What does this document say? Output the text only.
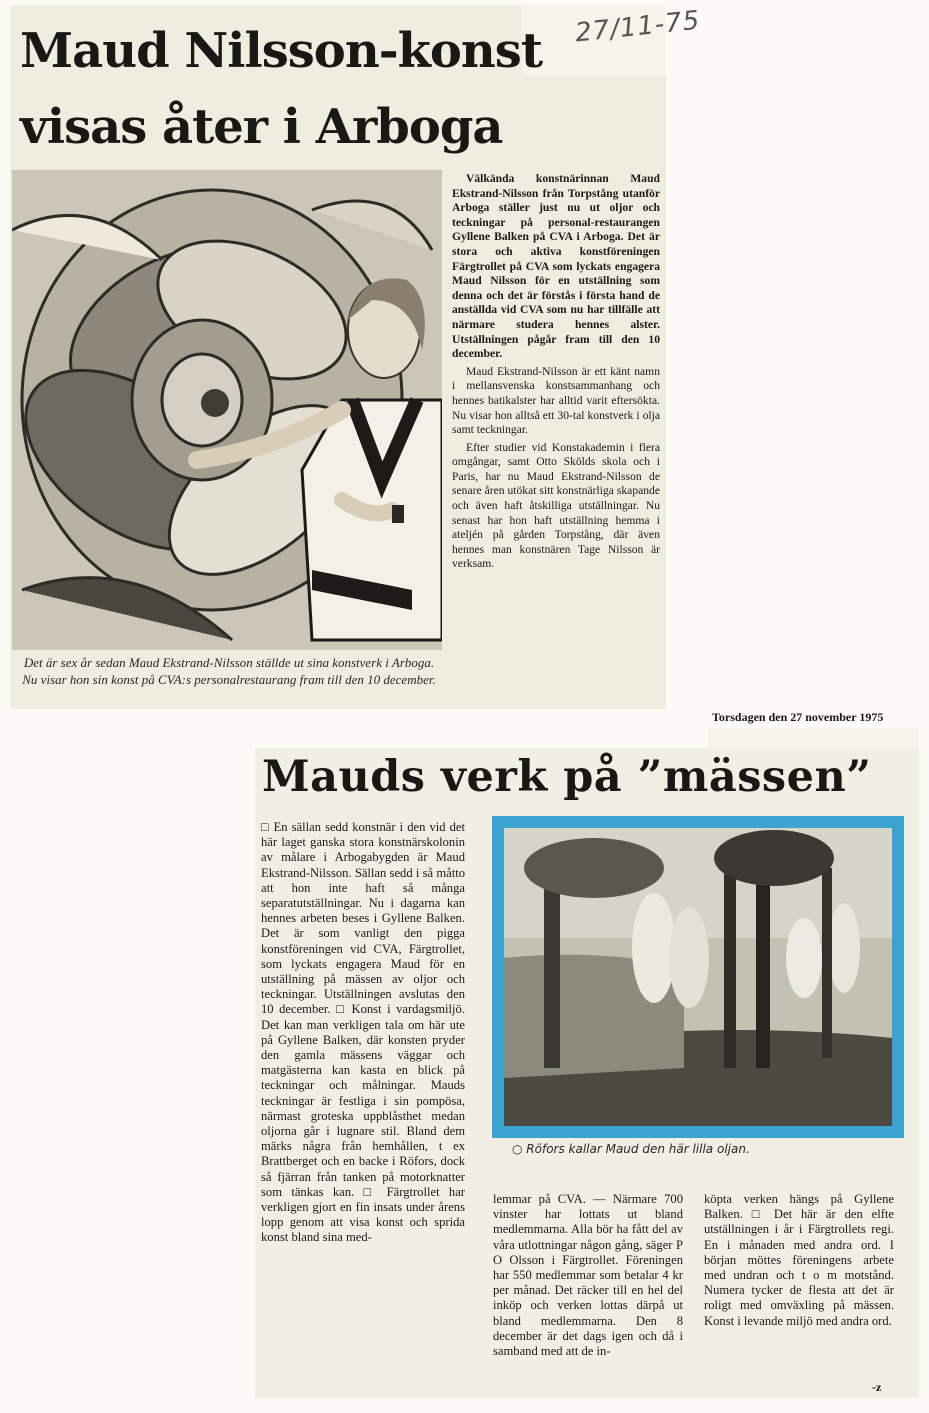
27/11-75
Maud Nilsson-konst
visas åter i Arboga
Det är sex år sedan Maud Ekstrand-Nilsson ställde ut sina konstverk i Arboga. Nu visar hon sin konst på CVA:s personalrestaurang fram till den 10 december.

Välkända konstnärinnan Maud Ekstrand-Nilsson från Torpstång utanför Arboga ställer just nu ut oljor och teckningar på personal-restaurangen Gyllene Balken på CVA i Arboga. Det är stora och aktiva konstföreningen Färgtrollet på CVA som lyckats engagera Maud Nilsson för en utställning som denna och det är förstås i första hand de anställda vid CVA som nu har tillfälle att närmare studera hennes alster. Utställningen pågår fram till den 10 december.

Maud Ekstrand-Nilsson är ett känt namn i mellansvenska konstsammanhang och hennes batikalster har alltid varit eftersökta. Nu visar hon alltså ett 30-tal konstverk i olja samt teckningar.

Efter studier vid Konstakademin i flera omgångar, samt Otto Skölds skola och i Paris, har nu Maud Ekstrand-Nilsson de senare åren utökat sitt konstnärliga skapande och även haft åtskilliga utställningar. Nu senast har hon haft utställning hemma i ateljén på gården Torpstång, där även hennes man konstnären Tage Nilsson är verksam.

Torsdagen den 27 november 1975
Mauds verk på ”mässen”
○ Röfors kallar Maud den här lilla oljan.

□ En sällan sedd konstnär i den vid det här laget ganska stora konstnärskolonin av målare i Arbogabygden är Maud Ekstrand-Nilsson. Sällan sedd i så måtto att hon inte haft så många separatutställningar. Nu i dagarna kan hennes arbeten beses i Gyllene Balken. Det är som vanligt den pigga konstföreningen vid CVA, Färgtrollet, som lyckats engagera Maud för en utställning på mässen av oljor och teckningar. Utställningen avslutas den 10 december. □ Konst i vardagsmiljö. Det kan man verkligen tala om här ute på Gyllene Balken, där konsten pryder den gamla mässens väggar och matgästerna kan kasta en blick på teckningar och målningar. Mauds teckningar är festliga i sin pompösa, närmast groteska uppblåsthet medan oljorna går i lugnare stil. Bland dem märks några från hemhållen, t ex Brattberget och en backe i Röfors, dock så fjärran från tanken på motorknatter som tänkas kan. □ Färgtrollet har verkligen gjort en fin insats under årens lopp genom att visa konst och sprida konst bland sina med-

lemmar på CVA. — Närmare 700 vinster har lottats ut bland medlemmarna. Alla bör ha fått del av våra utlottningar någon gång, säger P O Olsson i Färgtrollet. Föreningen har 550 medlemmar som betalar 4 kr per månad. Det räcker till en hel del inköp och verken lottas därpå ut bland medlemmarna. Den 8 december är det dags igen och då i samband med att de in-

köpta verken hängs på Gyllene Balken. □ Det här är den elfte utställningen i år i Färgtrollets regi. En i månaden med andra ord. I början möttes föreningens arbete med undran och t o m motstånd. Numera tycker de flesta att det är roligt med omväxling på mässen. Konst i levande miljö med andra ord.

-z
